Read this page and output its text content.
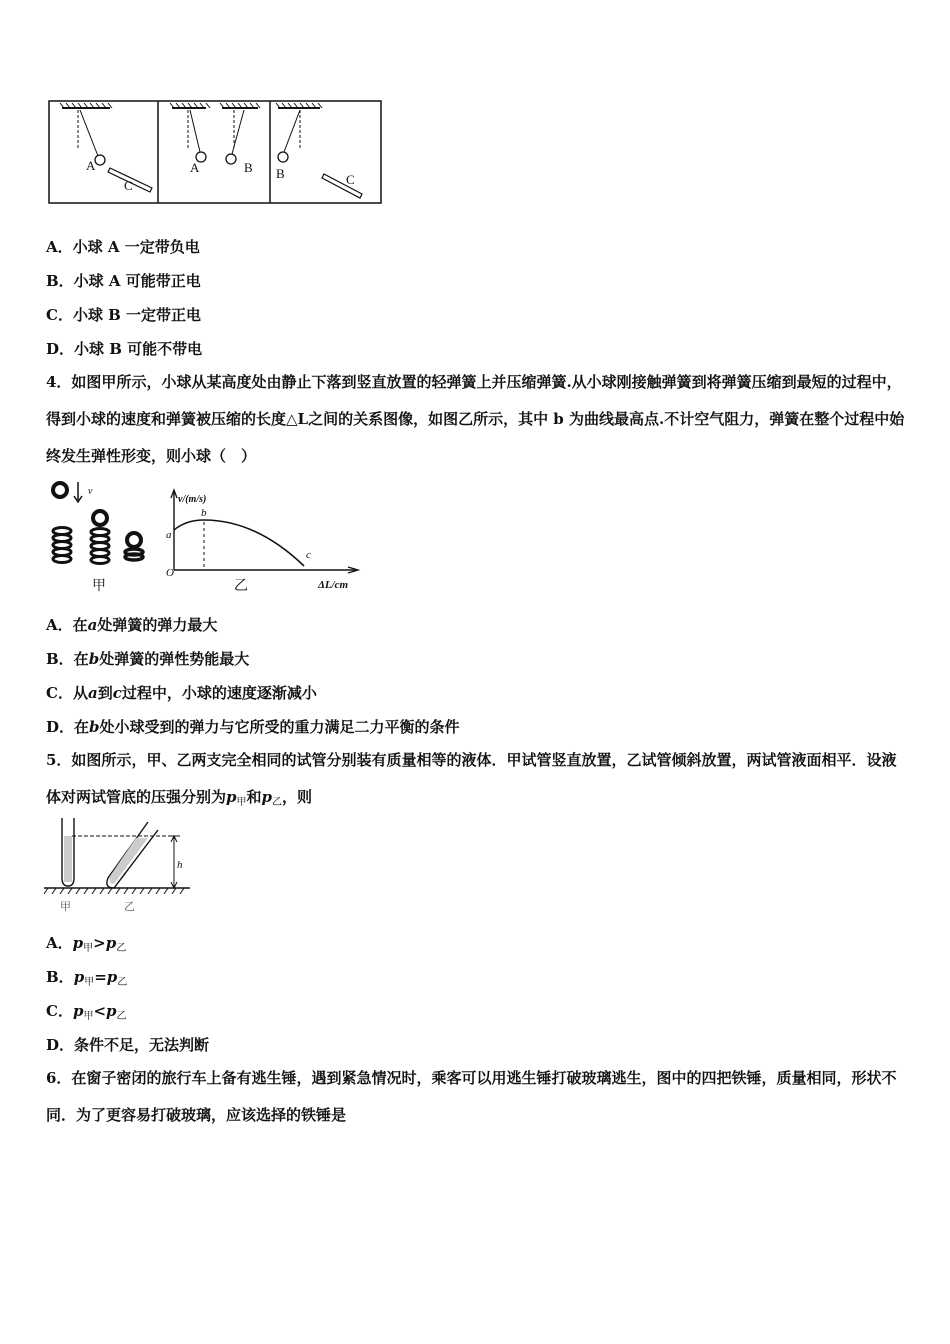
A
C
A	B B	C
A．小球 A 一定带负电
B．小球 A 可能带正电
C．小球 B 一定带正电
D．小球 B 可能不带电
4．如图甲所示，小球从某高度处由静止下落到竖直放置的轻弹簧上并压缩弹簧.从小球刚接触弹簧到将弹簧压缩到最短的过程中，得到小球的速度和弹簧被压缩的长度△L之间的关系图像，如图乙所示，其中 b 为曲线最高点.不计空气阻力，弹簧在整个过程中始终发生弹性形变，则小球（　）
v
v/(m/s)
a
b
c
O
ΔL/cm
甲	乙
A．在a处弹簧的弹力最大
B．在b处弹簧的弹性势能最大
C．从a到c过程中，小球的速度逐渐减小
D．在b处小球受到的弹力与它所受的重力满足二力平衡的条件
5．如图所示，甲、乙两支完全相同的试管分别装有质量相等的液体．甲试管竖直放置，乙试管倾斜放置，两试管液面相平．设液体对两试管底的压强分别为$p_甲$和$p_乙$，则
h
甲	乙
A．$p_甲>p_乙$
B．$p_甲=p_乙$
C．$p_甲<p_乙$
D．条件不足，无法判断
6．在窗子密闭的旅行车上备有逃生锤，遇到紧急情况时，乘客可以用逃生锤打破玻璃逃生，图中的四把铁锤，质量相同，形状不同．为了更容易打破玻璃，应该选择的铁锤是
